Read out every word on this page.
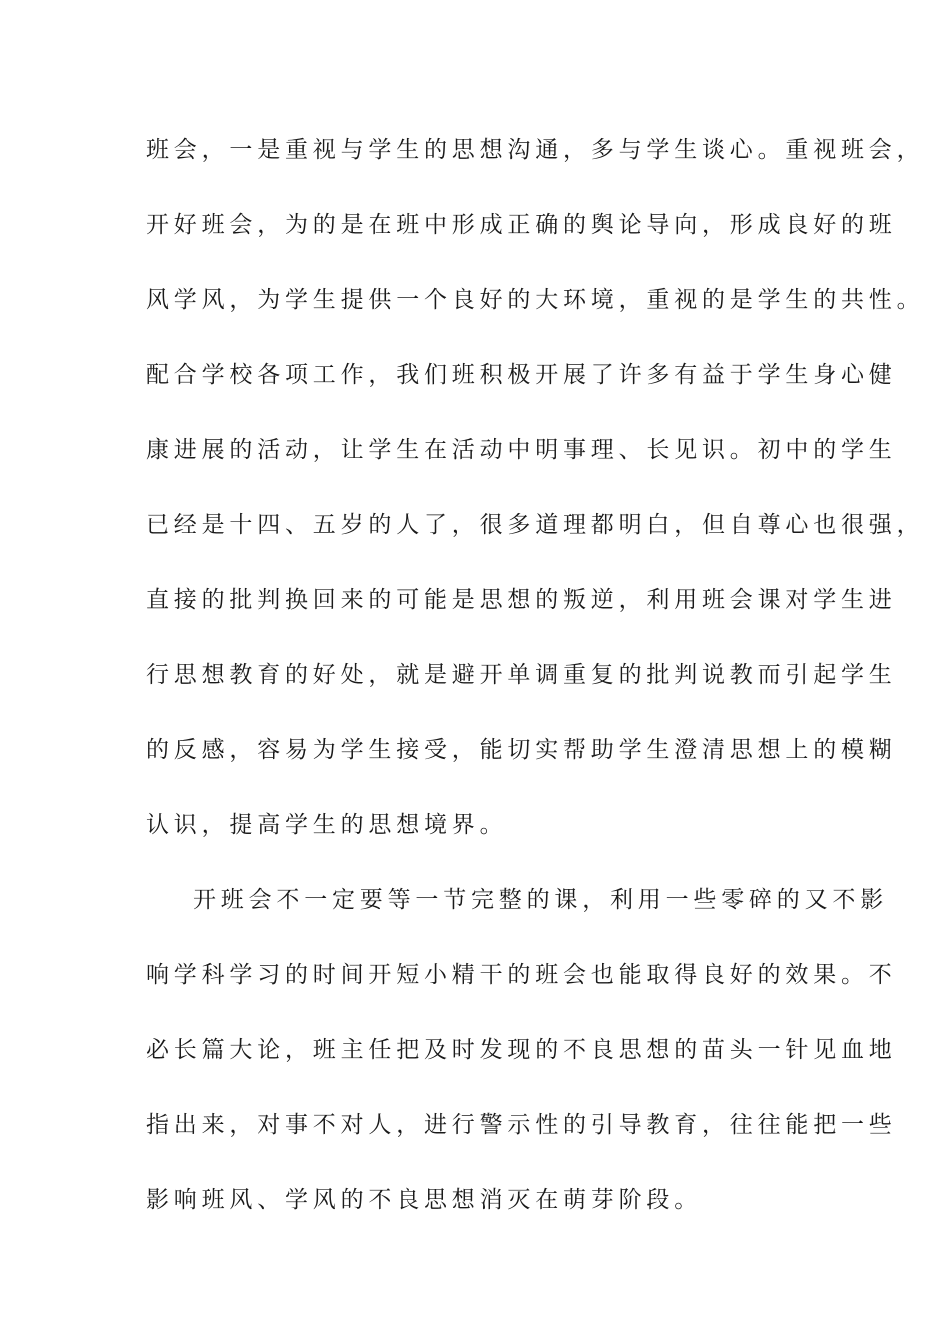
班会，一是重视与学生的思想沟通，多与学生谈心。重视班会，
开好班会，为的是在班中形成正确的舆论导向，形成良好的班
风学风，为学生提供一个良好的大环境，重视的是学生的共性。
配合学校各项工作，我们班积极开展了许多有益于学生身心健
康进展的活动，让学生在活动中明事理、长见识。初中的学生
已经是十四、五岁的人了，很多道理都明白，但自尊心也很强，
直接的批判换回来的可能是思想的叛逆，利用班会课对学生进
行思想教育的好处，就是避开单调重复的批判说教而引起学生
的反感，容易为学生接受，能切实帮助学生澄清思想上的模糊
认识，提高学生的思想境界。
开班会不一定要等一节完整的课，利用一些零碎的又不影
响学科学习的时间开短小精干的班会也能取得良好的效果。不
必长篇大论，班主任把及时发现的不良思想的苗头一针见血地
指出来，对事不对人，进行警示性的引导教育，往往能把一些
影响班风、学风的不良思想消灭在萌芽阶段。
